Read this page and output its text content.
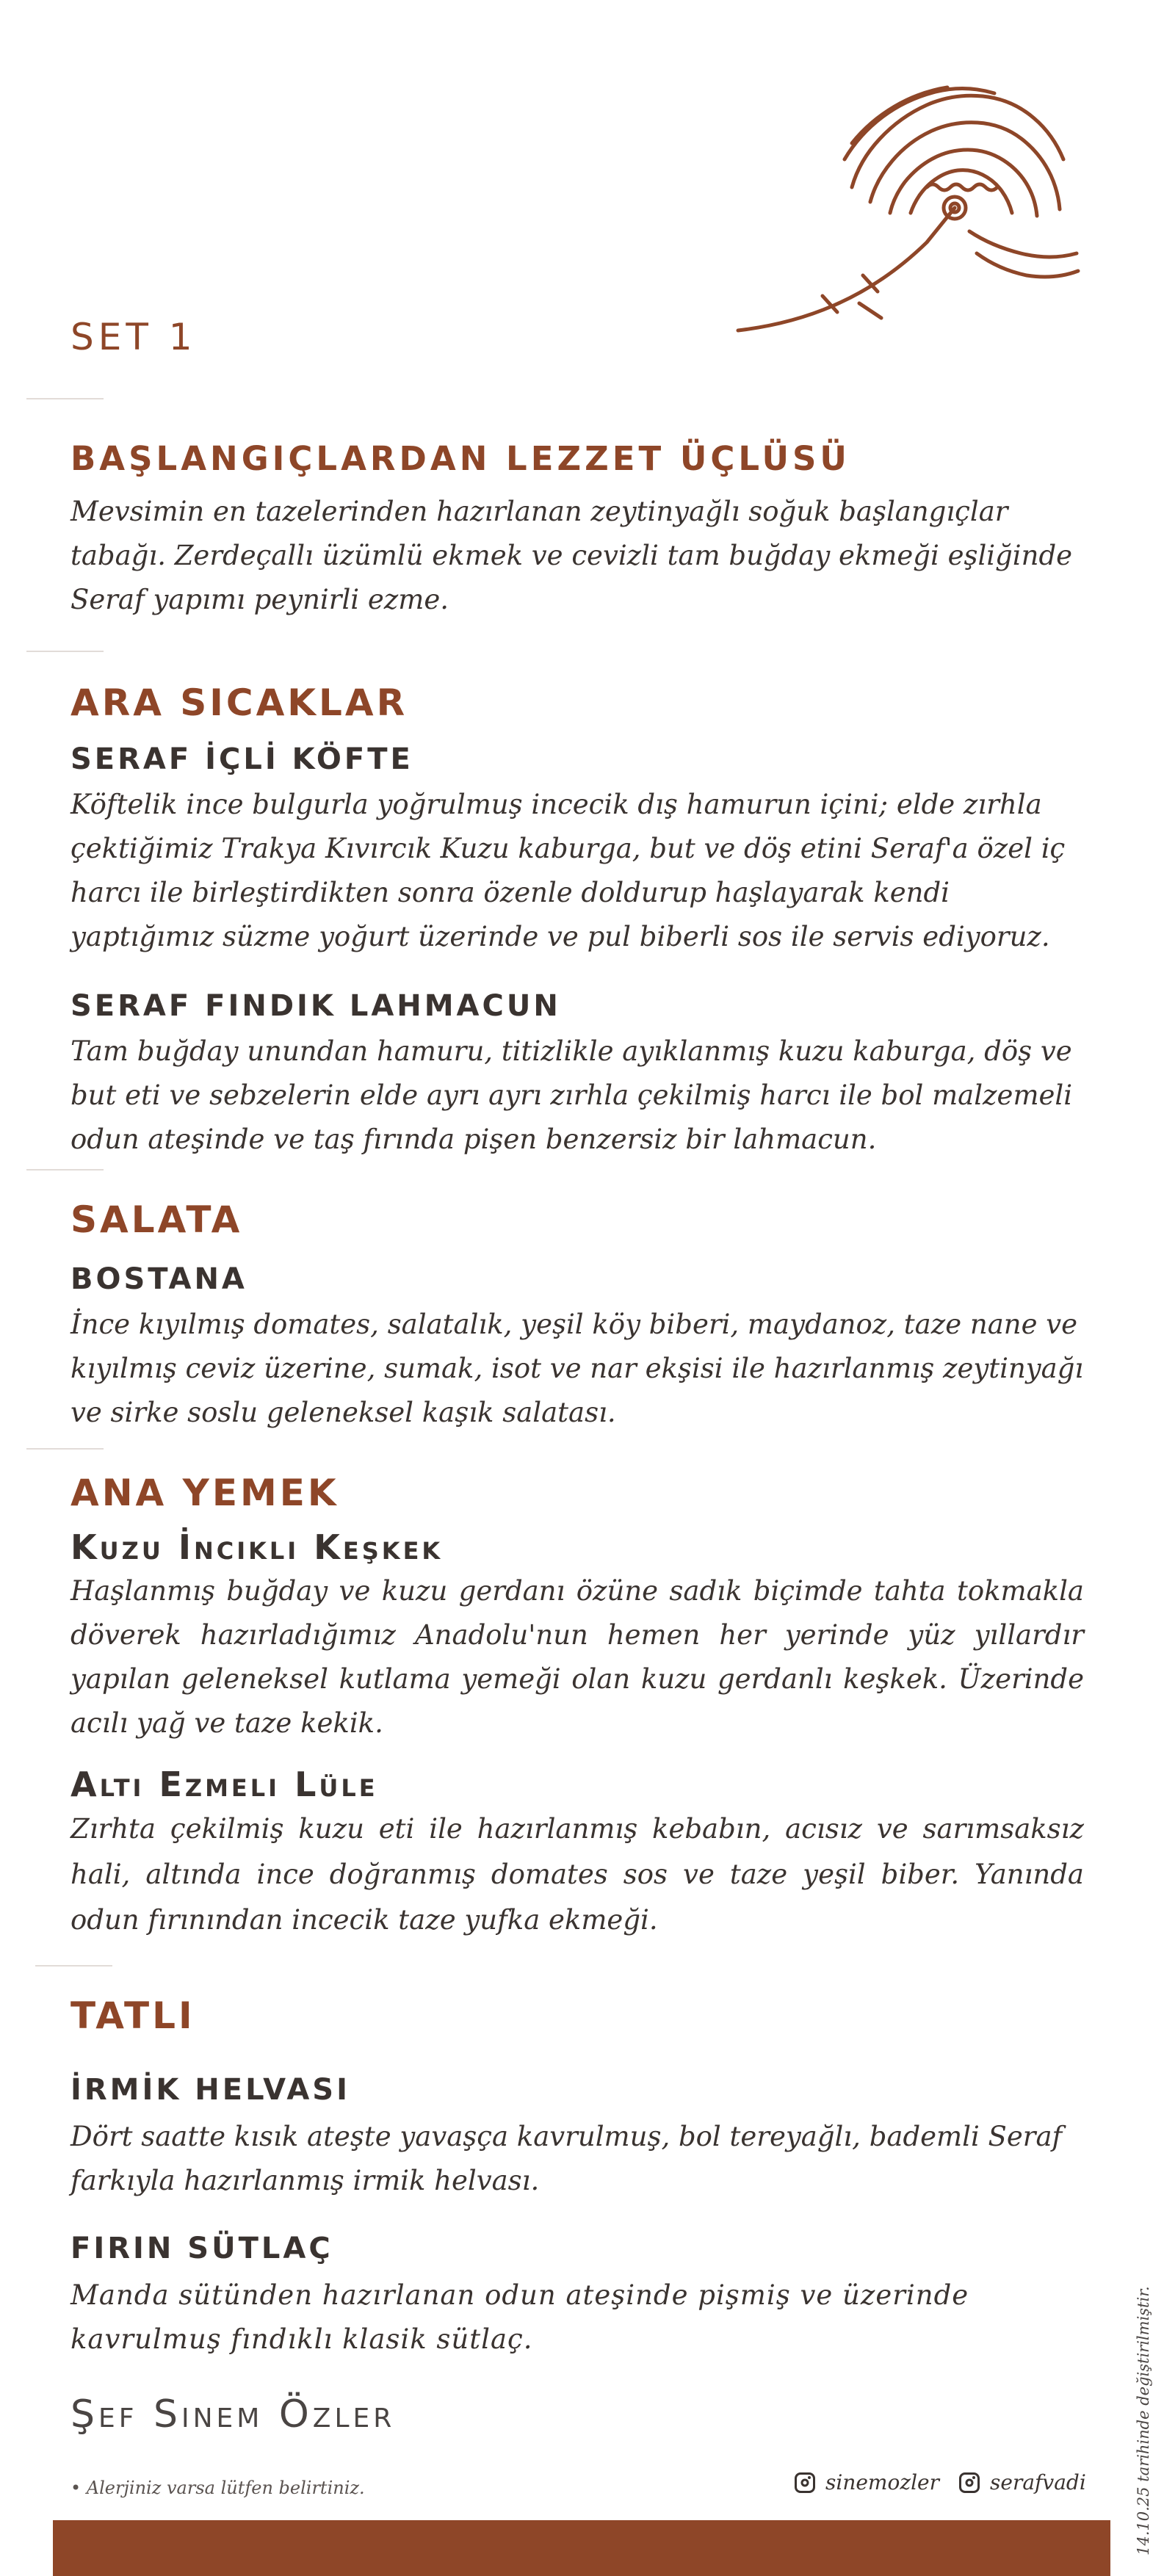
SET 1
BAŞLANGIÇLARDAN LEZZET ÜÇLÜSÜ

Mevsimin en tazelerinden hazırlanan zeytinyağlı soğuk başlangıçlar tabağı. Zerdeçallı üzümlü ekmek ve cevizli tam buğday ekmeği eşliğinde Seraf yapımı peynirli ezme.

ARA SICAKLAR
SERAF İÇLİ KÖFTE

Köftelik ince bulgurla yoğrulmuş incecik dış hamurun içini; elde zırhla çektiğimiz Trakya Kıvırcık Kuzu kaburga, but ve döş etini Seraf'a özel iç harcı ile birleştirdikten sonra özenle doldurup haşlayarak kendi yaptığımız süzme yoğurt üzerinde ve pul biberli sos ile servis ediyoruz.

SERAF FINDIK LAHMACUN

Tam buğday unundan hamuru, titizlikle ayıklanmış kuzu kaburga, döş ve but eti ve sebzelerin elde ayrı ayrı zırhla çekilmiş harcı ile bol malzemeli odun ateşinde ve taş fırında pişen benzersiz bir lahmacun.

SALATA
BOSTANA

İnce kıyılmış domates, salatalık, yeşil köy biberi, maydanoz, taze nane ve kıyılmış ceviz üzerine, sumak, isot ve nar ekşisi ile hazırlanmış zeytinyağı ve sirke soslu geleneksel kaşık salatası.

ANA YEMEK
Kuzu İncikli Keşkek

Haşlanmış buğday ve kuzu gerdanı özüne sadık biçimde tahta tokmakla döverek hazırladığımız Anadolu'nun hemen her yerinde yüz yıllardır yapılan geleneksel kutlama yemeği olan kuzu gerdanlı keşkek. Üzerinde acılı yağ ve taze kekik.

Altı Ezmeli Lüle

Zırhta çekilmiş kuzu eti ile hazırlanmış kebabın, acısız ve sarımsaksız hali, altında ince doğranmış domates sos ve taze yeşil biber. Yanında odun fırınından incecik taze yufka ekmeği.

TATLI
İRMİK HELVASI

Dört saatte kısık ateşte yavaşça kavrulmuş, bol tereyağlı, bademli Seraf farkıyla hazırlanmış irmik helvası.

FIRIN SÜTLAÇ

Manda sütünden hazırlanan odun ateşinde pişmiş ve üzerinde kavrulmuş fındıklı klasik sütlaç.

Şef Sinem Özler
• Alerjiniz varsa lütfen belirtiniz.	sinemozler serafvadi	14.10.25 tarihinde değiştirilmiştir.
